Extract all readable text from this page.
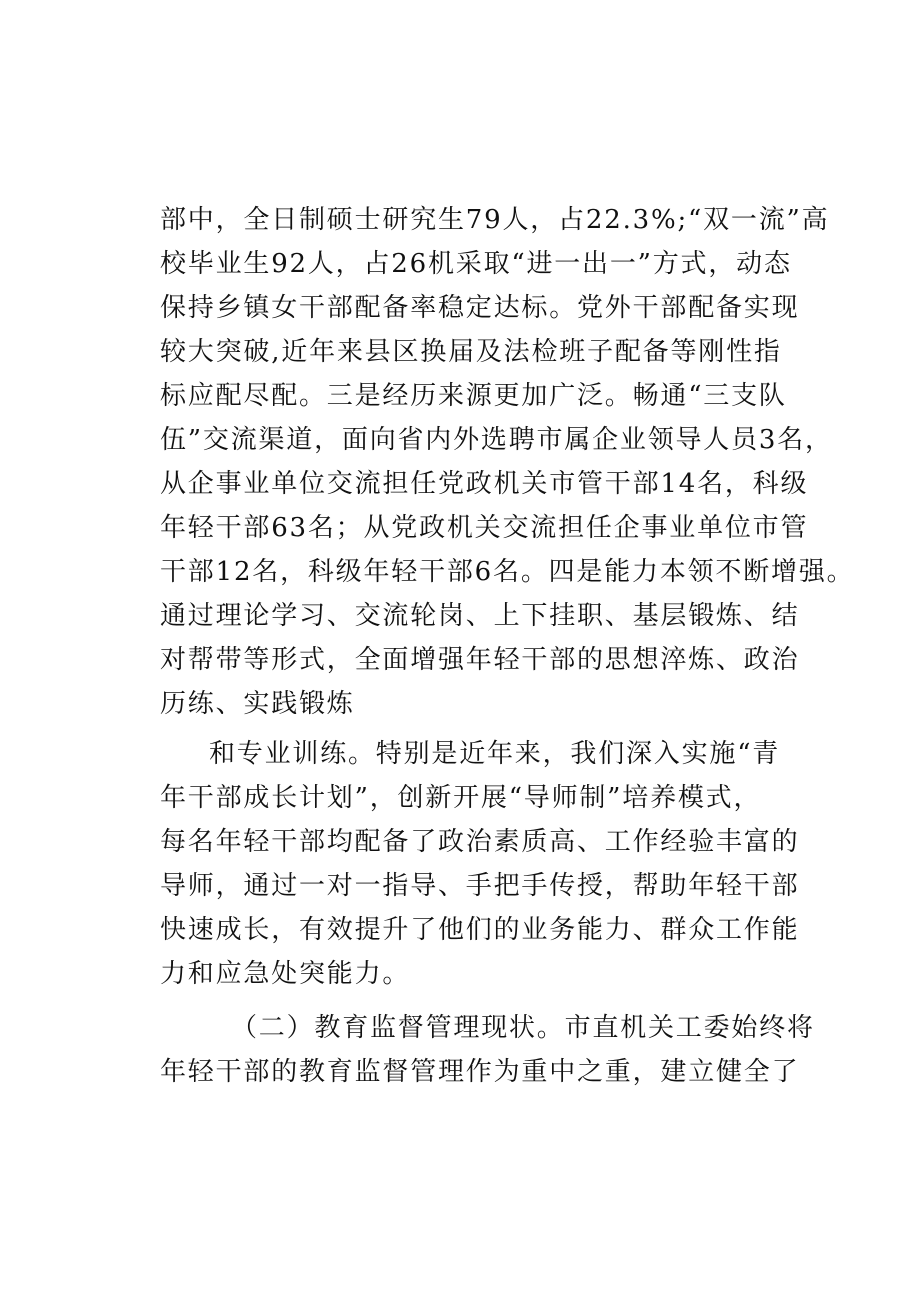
部中，全日制硕士研究生79人，占22.3%;“双一流”高

校毕业生92人，占26机采取“进一出一”方式，动态

保持乡镇女干部配备率稳定达标。党外干部配备实现

较大突破,近年来县区换届及法检班子配备等刚性指

标应配尽配。三是经历来源更加广泛。畅通“三支队

伍”交流渠道，面向省内外选聘市属企业领导人员3名，

从企事业单位交流担任党政机关市管干部14名，科级

年轻干部63名；从党政机关交流担任企事业单位市管

干部12名，科级年轻干部6名。四是能力本领不断增强。

通过理论学习、交流轮岗、上下挂职、基层锻炼、结

对帮带等形式，全面增强年轻干部的思想淬炼、政治

历练、实践锻炼

和专业训练。特别是近年来，我们深入实施“青

年干部成长计划”，创新开展“导师制”培养模式，

每名年轻干部均配备了政治素质高、工作经验丰富的

导师，通过一对一指导、手把手传授，帮助年轻干部

快速成长，有效提升了他们的业务能力、群众工作能

力和应急处突能力。

（二）教育监督管理现状。市直机关工委始终将

年轻干部的教育监督管理作为重中之重，建立健全了
